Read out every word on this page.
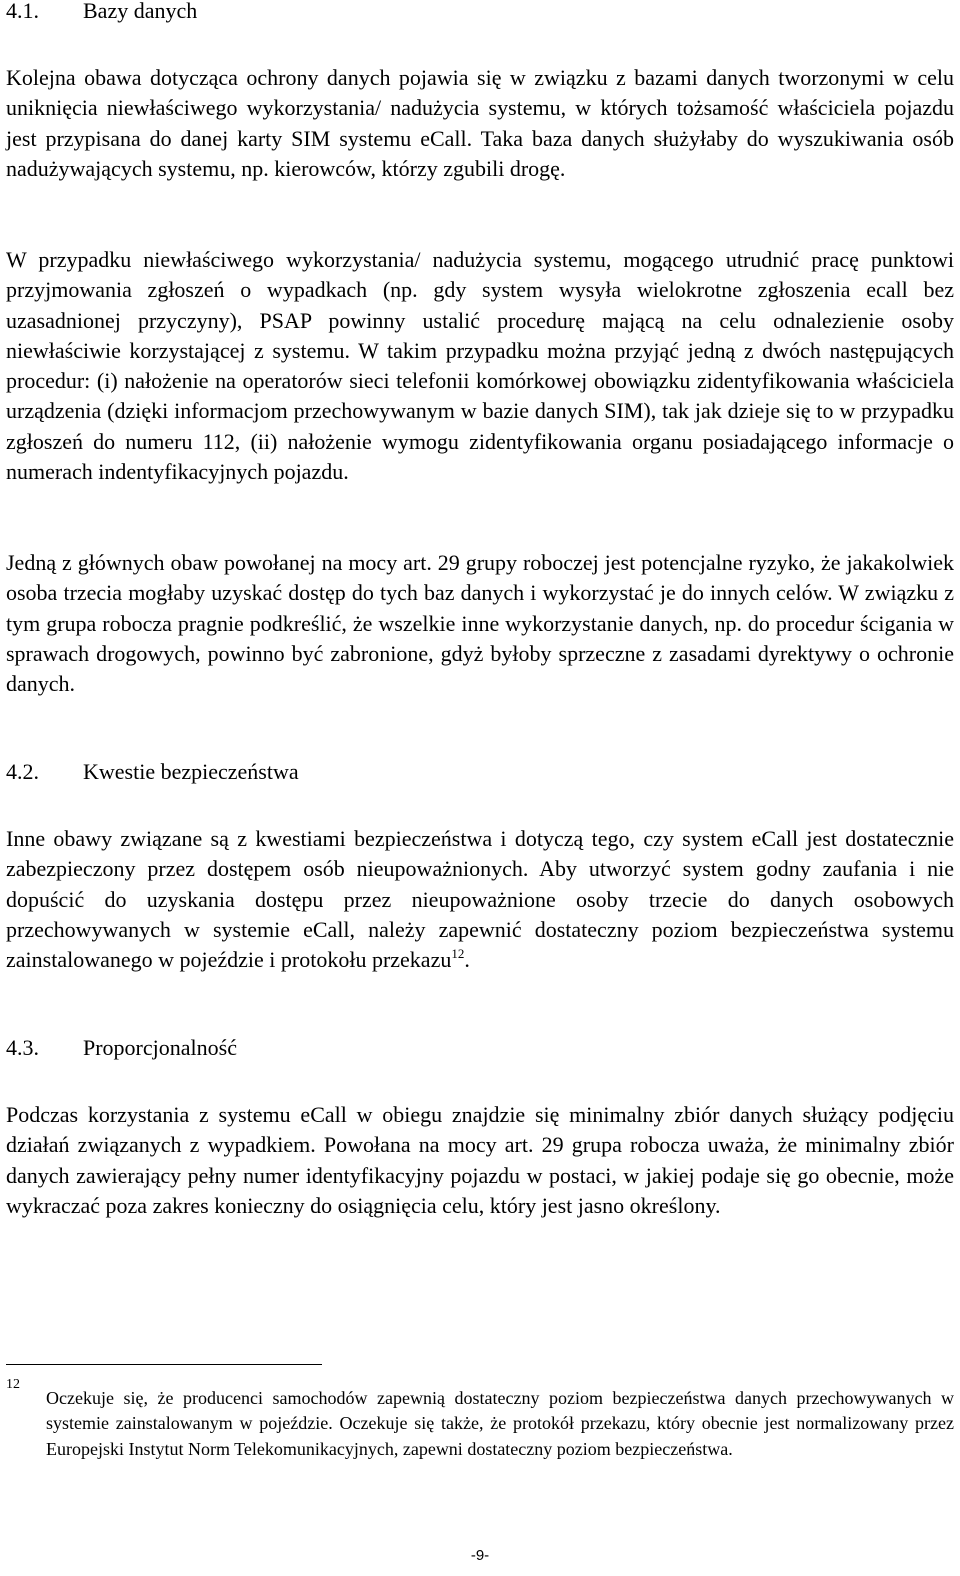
4.1. Bazy danych

Kolejna obawa dotycząca ochrony danych pojawia się w związku z bazami danych tworzonymi w celu uniknięcia niewłaściwego wykorzystania/ nadużycia systemu, w których tożsamość właściciela pojazdu jest przypisana do danej karty SIM systemu eCall. Taka baza danych służyłaby do wyszukiwania osób nadużywających systemu, np. kierowców, którzy zgubili drogę.

W przypadku niewłaściwego wykorzystania/ nadużycia systemu, mogącego utrudnić pracę punktowi przyjmowania zgłoszeń o wypadkach (np. gdy system wysyła wielokrotne zgłoszenia ecall bez uzasadnionej przyczyny), PSAP powinny ustalić procedurę mającą na celu odnalezienie osoby niewłaściwie korzystającej z systemu. W takim przypadku można przyjąć jedną z dwóch następujących procedur: (i) nałożenie na operatorów sieci telefonii komórkowej obowiązku zidentyfikowania właściciela urządzenia (dzięki informacjom przechowywanym w bazie danych SIM), tak jak dzieje się to w przypadku zgłoszeń do numeru 112, (ii) nałożenie wymogu zidentyfikowania organu posiadającego informacje o numerach indentyfikacyjnych pojazdu.

Jedną z głównych obaw powołanej na mocy art. 29 grupy roboczej jest potencjalne ryzyko, że jakakolwiek osoba trzecia mogłaby uzyskać dostęp do tych baz danych i wykorzystać je do innych celów. W związku z tym grupa robocza pragnie podkreślić, że wszelkie inne wykorzystanie danych, np. do procedur ścigania w sprawach drogowych, powinno być zabronione, gdyż byłoby sprzeczne z zasadami dyrektywy o ochronie danych.

4.2. Kwestie bezpieczeństwa

Inne obawy związane są z kwestiami bezpieczeństwa i dotyczą tego, czy system eCall jest dostatecznie zabezpieczony przez dostępem osób nieupoważnionych. Aby utworzyć system godny zaufania i nie dopuścić do uzyskania dostępu przez nieupoważnione osoby trzecie do danych osobowych przechowywanych w systemie eCall, należy zapewnić dostateczny poziom bezpieczeństwa systemu zainstalowanego w pojeździe i protokołu przekazu$^{12}$.

4.3. Proporcjonalność

Podczas korzystania z systemu eCall w obiegu znajdzie się minimalny zbiór danych służący podjęciu działań związanych z wypadkiem. Powołana na mocy art. 29 grupa robocza uważa, że minimalny zbiór danych zawierający pełny numer identyfikacyjny pojazdu w postaci, w jakiej podaje się go obecnie, może wykraczać poza zakres konieczny do osiągnięcia celu, który jest jasno określony.

12

Oczekuje się, że producenci samochodów zapewnią dostateczny poziom bezpieczeństwa danych przechowywanych w systemie zainstalowanym w pojeździe. Oczekuje się także, że protokół przekazu, który obecnie jest normalizowany przez Europejski Instytut Norm Telekomunikacyjnych, zapewni dostateczny poziom bezpieczeństwa.

-9-
